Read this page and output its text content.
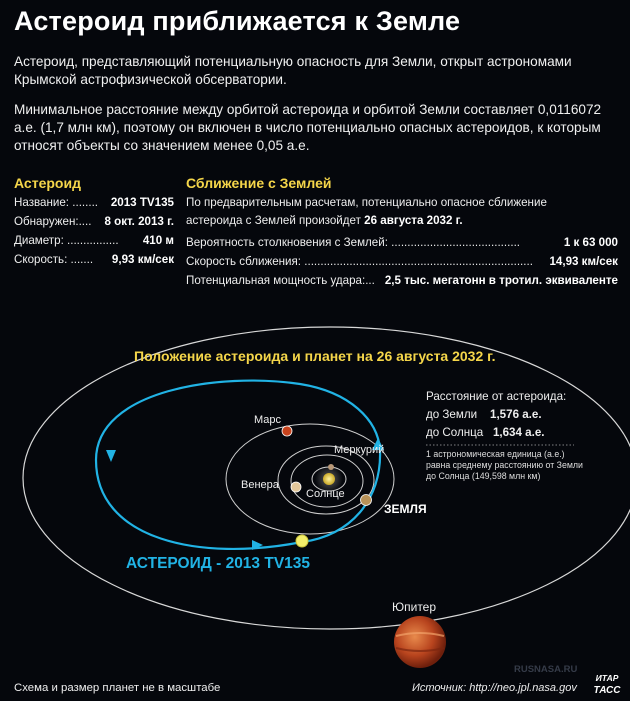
Астероид приближается к Земле
Астероид, представляющий потенциальную опасность для Земли, открыт астрономами Крымской астрофизической обсерватории.
Минимальное расстояние между орбитой астероида и орбитой Земли составляет 0,0116072 а.е. (1,7 млн км), поэтому он включен в число потенциально опасных астероидов, к которым относят объекты со значением менее 0,05 а.е.
Астероид
Название: ........ 2013 TV135
Обнаружен:.... 8 окт. 2013 г.
Диаметр: ................ 410 м
Скорость: ....... 9,93 км/сек
Сближение с Землей
По предварительным расчетам, потенциально опасное сближение
астероида с Землей произойдет 26 августа 2032 г.
Вероятность столкновения с Землей: ........................................	1 к 63 000
Скорость сближения: ....................................................................... 14,93 км/сек
Потенциальная мощность удара:... 2,5 тыс. мегатонн в тротил. эквиваленте
Положение астероида и планет на 26 августа 2032 г.
Марс
Меркурий
Венера
Солнце
ЗЕМЛЯ
Юпитер
Расстояние от астероида:
до Земли 1,576 а.е.
до Солнца 1,634 а.е.
1 астрономическая единица (а.е.) равна среднему расстоянию от Земли до Солнца (149,598 млн км)
АСТЕРОИД - 2013 TV135
RUSNASA.RU
Схема и размер планет не в масштабе	Источник: http://neo.jpl.nasa.gov
ИТАР
ТАСС
